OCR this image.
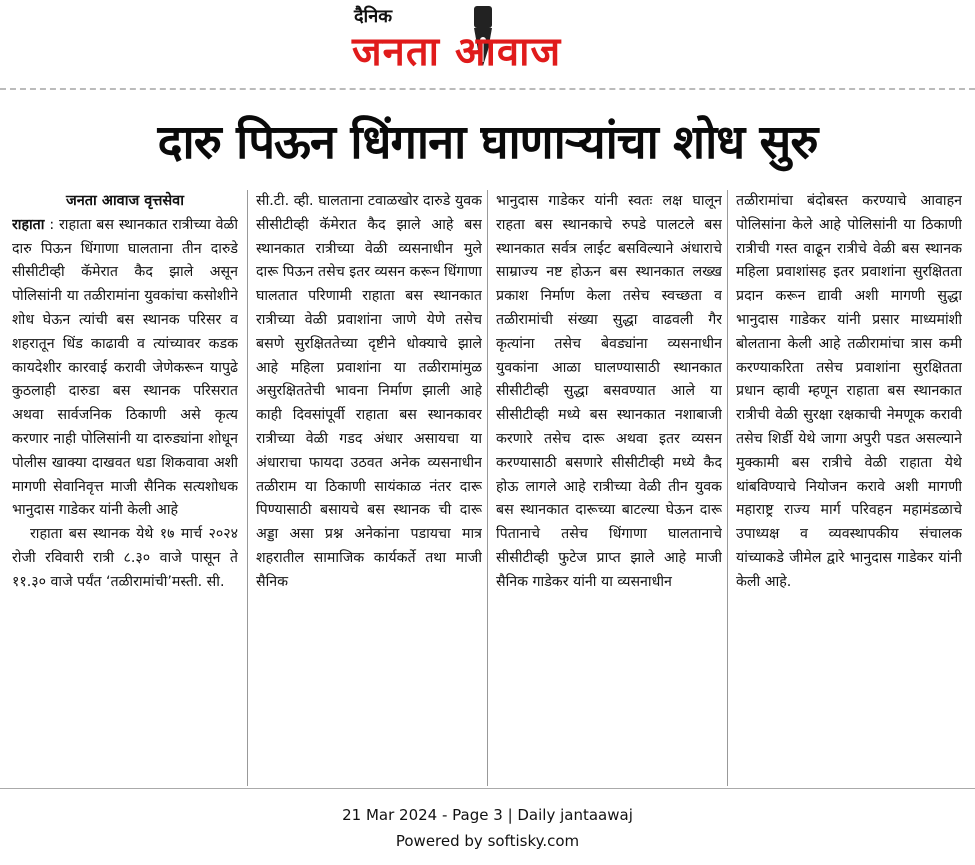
दैनिक
जनता आवाज
दारु पिऊन धिंगाना घाणाऱ्यांचा शोध सुरु
जनता आवाज वृत्तसेवा
राहाता : राहाता बस स्थानकात रात्रीच्या वेळी दारु पिऊन धिंगाणा घालताना तीन दारुडे सीसीटीव्ही कॅमेरात कैद झाले असून पोलिसांनी या तळीरामांना युवकांचा कसोशीने शोध घेऊन त्यांची बस स्थानक परिसर व शहरातून धिंड काढावी व त्यांच्यावर कडक कायदेशीर कारवाई करावी जेणेकरून यापुढे कुठलाही दारुडा बस स्थानक परिसरात अथवा सार्वजनिक ठिकाणी असे कृत्य करणार नाही पोलिसांनी या दारुड्यांना शोधून पोलीस खाक्या दाखवत धडा शिकवावा अशी मागणी सेवानिवृत्त माजी सैनिक सत्यशोधक भानुदास गाडेकर यांनी केली आहे
राहाता बस स्थानक येथे १७ मार्च २०२४ रोजी रविवारी रात्री ८.३० वाजे पासून ते ११.३० वाजे पर्यंत ‘तळीरामांची’मस्ती. सी.
सी.टी. व्ही. घालताना टवाळखोर दारुडे युवक सीसीटीव्ही कॅमेरात कैद झाले आहे बस स्थानकात रात्रीच्या वेळी व्यसनाधीन मुले दारू पिऊन तसेच इतर व्यसन करून धिंगाणा घालतात परिणामी राहाता बस स्थानकात रात्रीच्या वेळी प्रवाशांना जाणे येणे तसेच बसणे सुरक्षिततेच्या दृष्टीने धोक्याचे झाले आहे महिला प्रवाशांना या तळीरामांमुळ असुरक्षिततेची भावना निर्माण झाली आहे काही दिवसांपूर्वी राहाता बस स्थानकावर रात्रीच्या वेळी गडद अंधार असायचा या अंधाराचा फायदा उठवत अनेक व्यसनाधीन तळीराम या ठिकाणी सायंकाळ नंतर दारू पिण्यासाठी बसायचे बस स्थानक ची दारू अड्डा असा प्रश्न अनेकांना पडायचा मात्र शहरातील सामाजिक कार्यकर्ते तथा माजी सैनिक
भानुदास गाडेकर यांनी स्वतः लक्ष घालून राहता बस स्थानकाचे रुपडे पालटले बस स्थानकात सर्वत्र लाईट बसविल्याने अंधाराचे साम्राज्य नष्ट होऊन बस स्थानकात लख्ख प्रकाश निर्माण केला तसेच स्वच्छता व तळीरामांची संख्या सुद्धा वाढवली गैर कृत्यांना तसेच बेवड्यांना व्यसनाधीन युवकांना आळा घालण्यासाठी स्थानकात सीसीटीव्ही सुद्धा बसवण्यात आले या सीसीटीव्ही मध्ये बस स्थानकात नशाबाजी करणारे तसेच दारू अथवा इतर व्यसन करण्यासाठी बसणारे सीसीटीव्ही मध्ये कैद होऊ लागले आहे रात्रीच्या वेळी तीन युवक बस स्थानकात दारूच्या बाटल्या घेऊन दारू पितानाचे तसेच धिंगाणा घालतानाचे सीसीटीव्ही फुटेज प्राप्त झाले आहे माजी सैनिक गाडेकर यांनी या व्यसनाधीन
तळीरामांचा बंदोबस्त करण्याचे आवाहन पोलिसांना केले आहे पोलिसांनी या ठिकाणी रात्रीची गस्त वाढून रात्रीचे वेळी बस स्थानक महिला प्रवाशांसह इतर प्रवाशांना सुरक्षितता प्रदान करून द्यावी अशी मागणी सुद्धा भानुदास गाडेकर यांनी प्रसार माध्यमांशी बोलताना केली आहे तळीरामांचा त्रास कमी करण्याकरिता तसेच प्रवाशांना सुरक्षितता प्रधान व्हावी म्हणून राहाता बस स्थानकात रात्रीची वेळी सुरक्षा रक्षकाची नेमणूक करावी तसेच शिर्डी येथे जागा अपुरी पडत असल्याने मुक्कामी बस रात्रीचे वेळी राहाता येथे थांबविण्याचे नियोजन करावे अशी मागणी महाराष्ट्र राज्य मार्ग परिवहन महामंडळाचे उपाध्यक्ष व व्यवस्थापकीय संचालक यांच्याकडे जीमेल द्वारे भानुदास गाडेकर यांनी केली आहे.
21 Mar 2024 - Page 3 | Daily jantaawaj
Powered by softisky.com
